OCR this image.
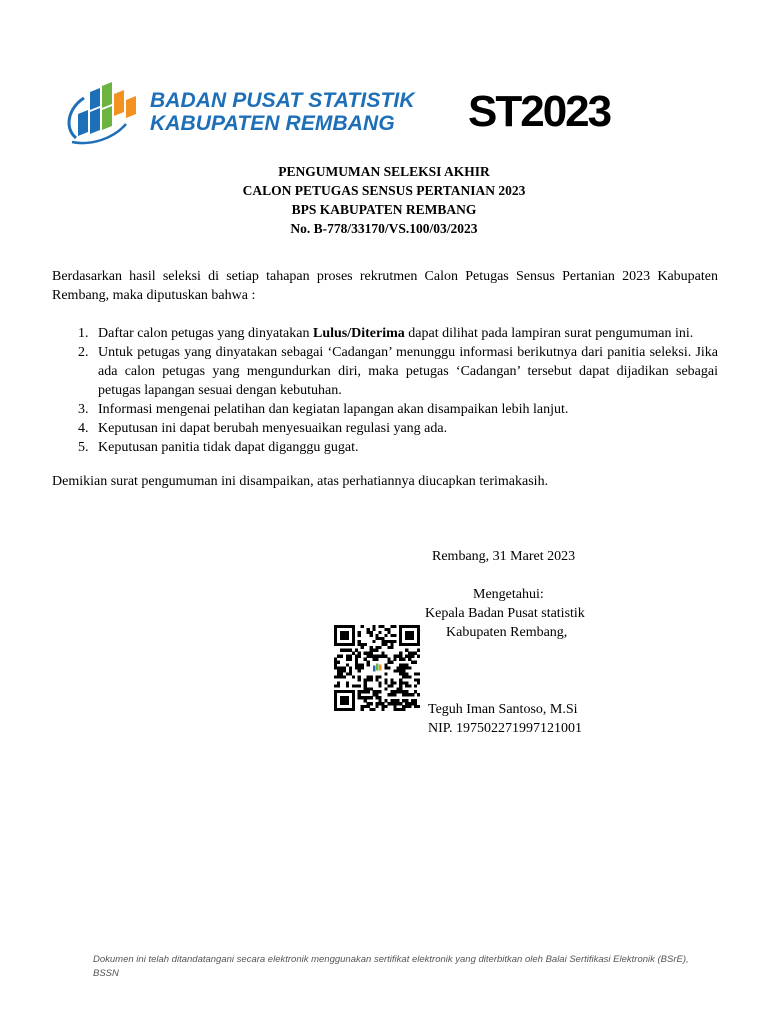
BADAN PUSAT STATISTIK
KABUPATEN REMBANG ST2023
PENGUMUMAN SELEKSI AKHIR
CALON PETUGAS SENSUS PERTANIAN 2023
BPS KABUPATEN REMBANG
No. B-778/33170/VS.100/03/2023

Berdasarkan hasil seleksi di setiap tahapan proses rekrutmen Calon Petugas Sensus Pertanian 2023 Kabupaten Rembang, maka diputuskan bahwa :

1. Daftar calon petugas yang dinyatakan Lulus/Diterima dapat dilihat pada lampiran surat pengumuman ini.
2. Untuk petugas yang dinyatakan sebagai ‘Cadangan’ menunggu informasi berikutnya dari panitia seleksi. Jika ada calon petugas yang mengundurkan diri, maka petugas ‘Cadangan’ tersebut dapat dijadikan sebagai petugas lapangan sesuai dengan kebutuhan.
3. Informasi mengenai pelatihan dan kegiatan lapangan akan disampaikan lebih lanjut.
4. Keputusan ini dapat berubah menyesuaikan regulasi yang ada.
5. Keputusan panitia tidak dapat diganggu gugat.
Demikian surat pengumuman ini disampaikan, atas perhatiannya diucapkan terimakasih.
Rembang, 31 Maret 2023
Mengetahui:
Kepala Badan Pusat statistik
Kabupaten Rembang,
Teguh Iman Santoso, M.Si
NIP. 197502271997121001
Dokumen ini telah ditandatangani secara elektronik menggunakan sertifikat elektronik yang diterbitkan oleh Balai Sertifikasi Elektronik (BSrE), BSSN
